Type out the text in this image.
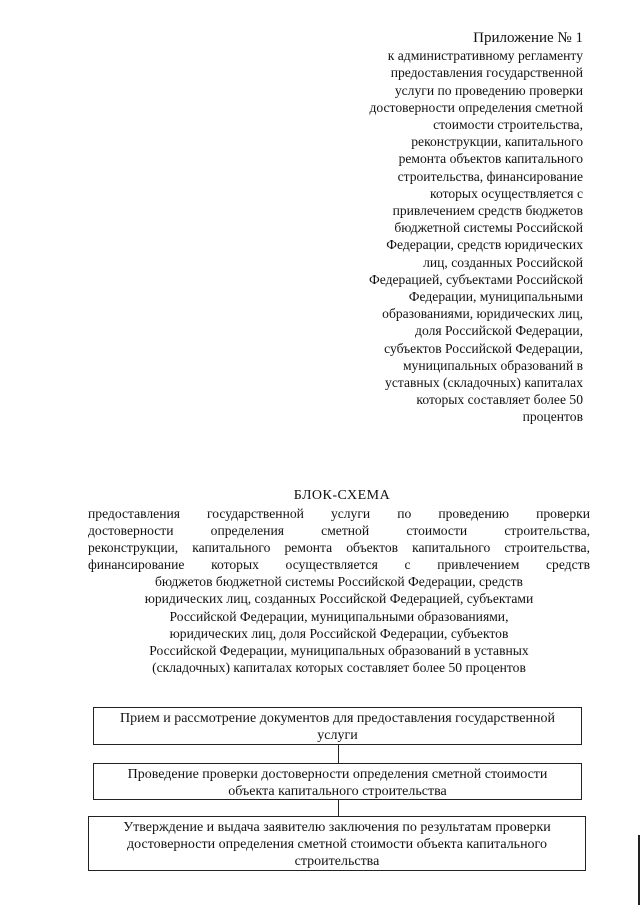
Приложение № 1
к административному регламенту
предоставления государственной
услуги по проведению проверки
достоверности определения сметной
стоимости строительства,
реконструкции, капитального
ремонта объектов капитального
строительства, финансирование
которых осуществляется с
привлечением средств бюджетов
бюджетной системы Российской
Федерации, средств юридических
лиц, созданных Российской
Федерацией, субъектами Российской
Федерации, муниципальными
образованиями, юридических лиц,
доля Российской Федерации,
субъектов Российской Федерации,
муниципальных образований в
уставных (складочных) капиталах
которых составляет более 50
процентов
БЛОК-СХЕМА
предоставления государственной услуги по проведению проверки
достоверности определения сметной стоимости строительства,
реконструкции, капитального ремонта объектов капитального строительства,
финансирование которых осуществляется с привлечением средств
бюджетов бюджетной системы Российской Федерации, средств
юридических лиц, созданных Российской Федерацией, субъектами
Российской Федерации, муниципальными образованиями,
юридических лиц, доля Российской Федерации, субъектов
Российской Федерации, муниципальных образований в уставных
(складочных) капиталах которых составляет более 50 процентов
Прием и рассмотрение документов для предоставления государственной
услуги
Проведение проверки достоверности определения сметной стоимости
объекта капитального строительства
Утверждение и выдача заявителю заключения по результатам проверки
достоверности определения сметной стоимости объекта капитального
строительства
